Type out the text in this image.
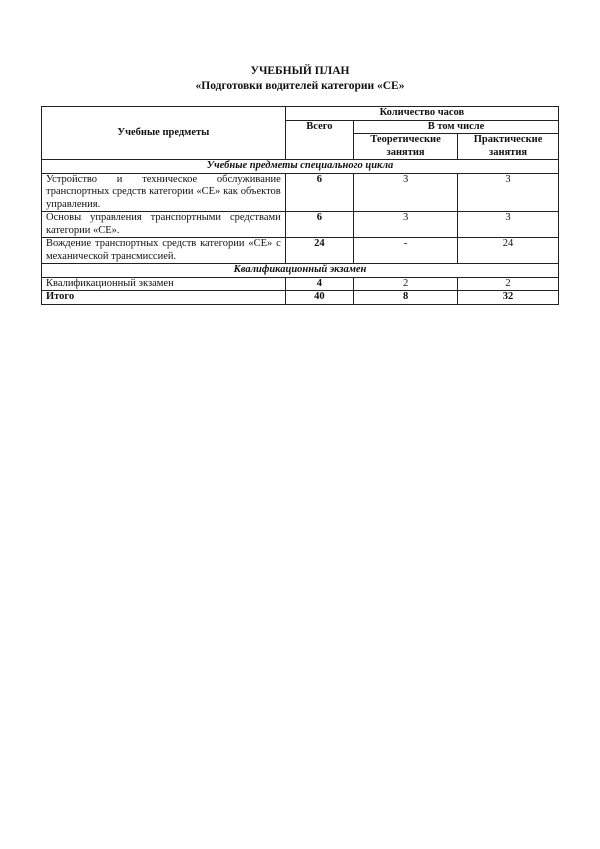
УЧЕБНЫЙ ПЛАН
«Подготовки водителей категории «СЕ»
Учебные предметы	Количество часов		
	Всего	В том числе	
		Теоретические занятия	Практические занятия
Учебные предметы специального цикла			
Устройство и техническое обслуживание транспортных средств категории «СЕ» как объектов управления.	6	3	3
Основы управления транспортными средствами категории «СЕ».	6	3	3
Вождение транспортных средств категории «СЕ» с механической трансмиссией.	24	-	24
Квалификационный экзамен			
Квалификационный экзамен	4	2	2
Итого	40	8	32
